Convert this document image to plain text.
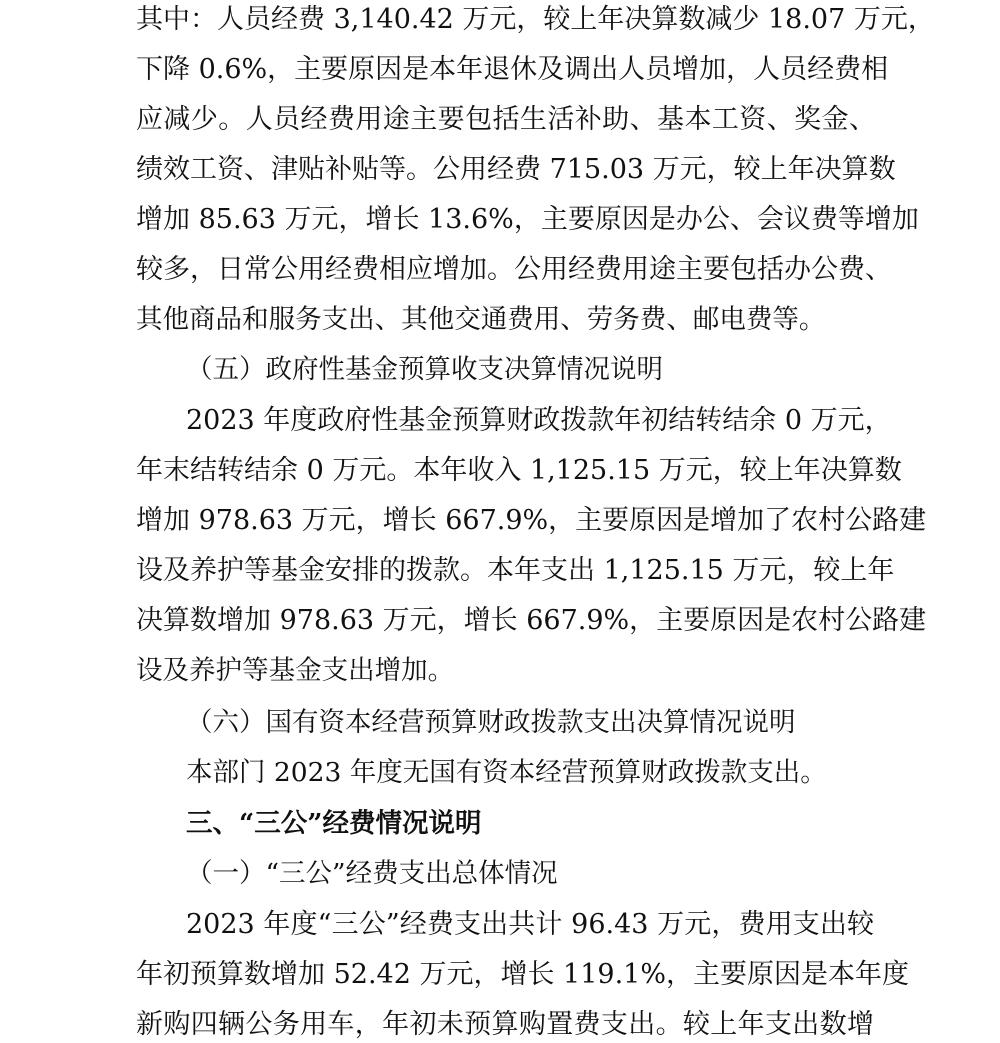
其中：人员经费 3,140.42 万元，较上年决算数减少 18.07 万元，
下降 0.6%，主要原因是本年退休及调出人员增加，人员经费相
应减少。人员经费用途主要包括生活补助、基本工资、奖金、
绩效工资、津贴补贴等。公用经费 715.03 万元，较上年决算数
增加 85.63 万元，增长 13.6%，主要原因是办公、会议费等增加
较多，日常公用经费相应增加。公用经费用途主要包括办公费、
其他商品和服务支出、其他交通费用、劳务费、邮电费等。
（五）政府性基金预算收支决算情况说明
2023 年度政府性基金预算财政拨款年初结转结余 0 万元，
年末结转结余 0 万元。本年收入 1,125.15 万元，较上年决算数
增加 978.63 万元，增长 667.9%，主要原因是增加了农村公路建
设及养护等基金安排的拨款。本年支出 1,125.15 万元，较上年
决算数增加 978.63 万元，增长 667.9%，主要原因是农村公路建
设及养护等基金支出增加。
（六）国有资本经营预算财政拨款支出决算情况说明
本部门 2023 年度无国有资本经营预算财政拨款支出。
三、“三公”经费情况说明
（一）“三公”经费支出总体情况
2023 年度“三公”经费支出共计 96.43 万元，费用支出较
年初预算数增加 52.42 万元，增长 119.1%，主要原因是本年度
新购四辆公务用车，年初未预算购置费支出。较上年支出数增
